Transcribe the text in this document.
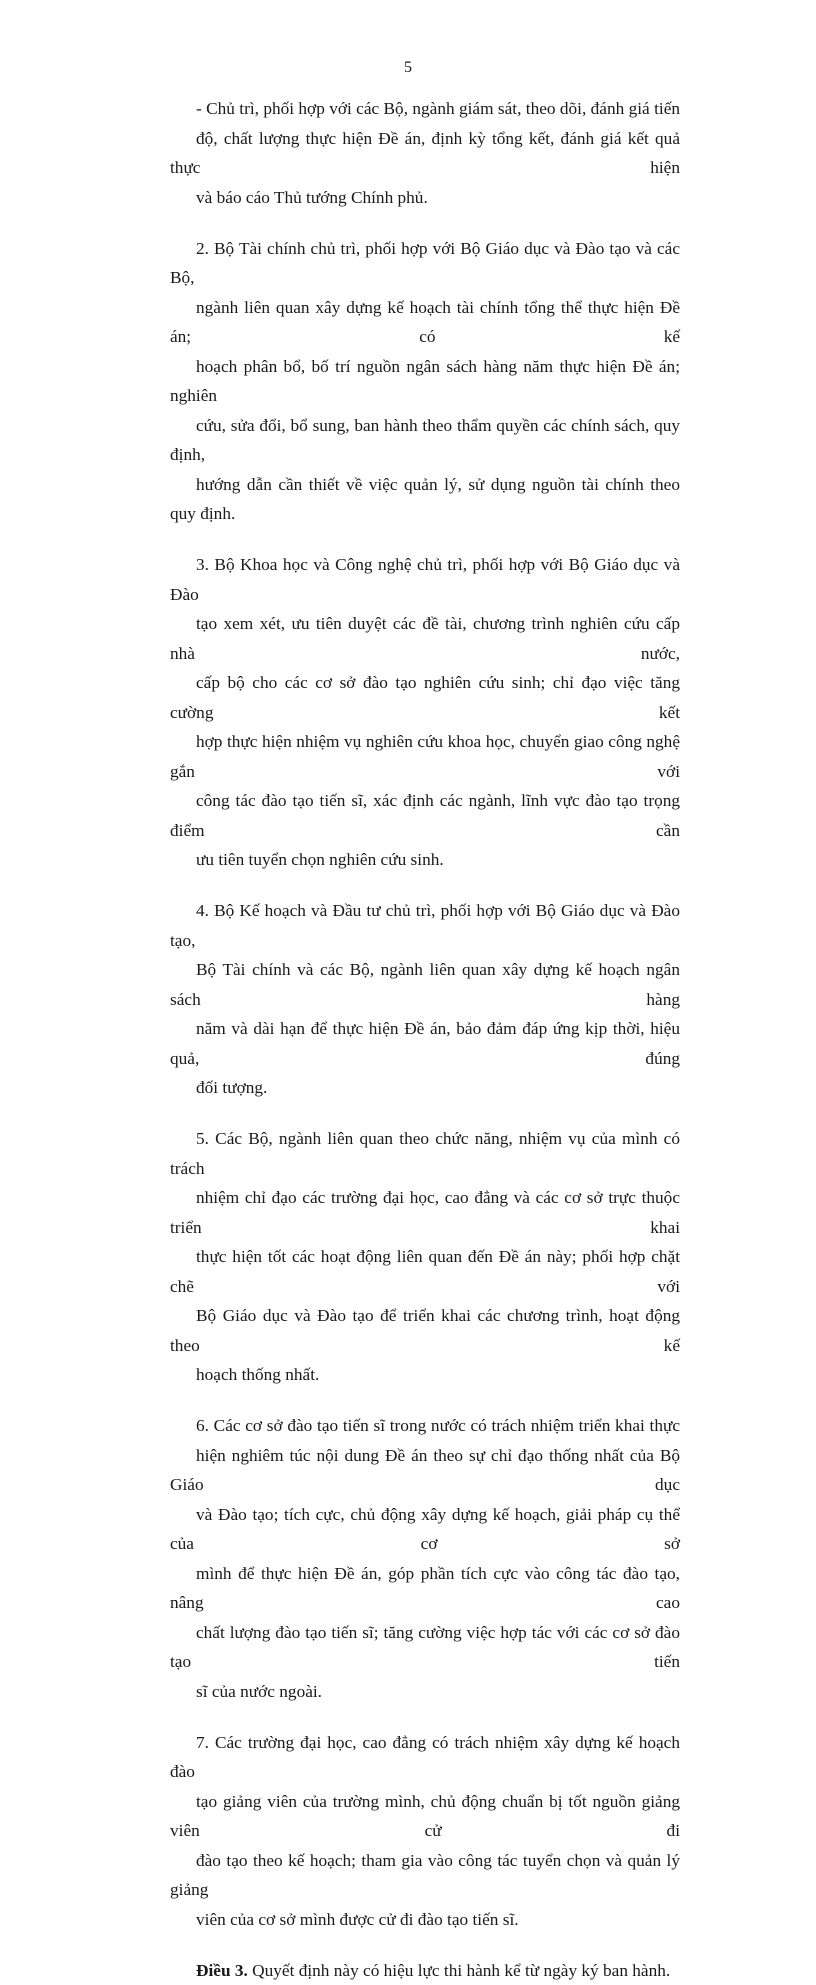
5
- Chủ trì, phối hợp với các Bộ, ngành giám sát, theo dõi, đánh giá tiến
độ, chất lượng thực hiện Đề án, định kỳ tổng kết, đánh giá kết quả thực hiện
và báo cáo Thủ tướng Chính phủ.
2. Bộ Tài chính chủ trì, phối hợp với Bộ Giáo dục và Đào tạo và các Bộ,
ngành liên quan xây dựng kế hoạch tài chính tổng thể thực hiện Đề án; có kế
hoạch phân bổ, bố trí nguồn ngân sách hàng năm thực hiện Đề án; nghiên
cứu, sửa đổi, bổ sung, ban hành theo thẩm quyền các chính sách, quy định,
hướng dẫn cần thiết về việc quản lý, sử dụng nguồn tài chính theo quy định.
3. Bộ Khoa học và Công nghệ chủ trì, phối hợp với Bộ Giáo dục và Đào
tạo xem xét, ưu tiên duyệt các đề tài, chương trình nghiên cứu cấp nhà nước,
cấp bộ cho các cơ sở đào tạo nghiên cứu sinh; chỉ đạo việc tăng cường kết
hợp thực hiện nhiệm vụ nghiên cứu khoa học, chuyển giao công nghệ gắn với
công tác đào tạo tiến sĩ, xác định các ngành, lĩnh vực đào tạo trọng điểm cần
ưu tiên tuyển chọn nghiên cứu sinh.
4. Bộ Kế hoạch và Đầu tư chủ trì, phối hợp với Bộ Giáo dục và Đào tạo,
Bộ Tài chính và các Bộ, ngành liên quan xây dựng kế hoạch ngân sách hàng
năm và dài hạn để thực hiện Đề án, bảo đảm đáp ứng kịp thời, hiệu quả, đúng
đối tượng.
5. Các Bộ, ngành liên quan theo chức năng, nhiệm vụ của mình có trách
nhiệm chỉ đạo các trường đại học, cao đẳng và các cơ sở trực thuộc triển khai
thực hiện tốt các hoạt động liên quan đến Đề án này; phối hợp chặt chẽ với
Bộ Giáo dục và Đào tạo để triển khai các chương trình, hoạt động theo kế
hoạch thống nhất.
6. Các cơ sở đào tạo tiến sĩ trong nước có trách nhiệm triển khai thực
hiện nghiêm túc nội dung Đề án theo sự chỉ đạo thống nhất của Bộ Giáo dục
và Đào tạo; tích cực, chủ động xây dựng kế hoạch, giải pháp cụ thể của cơ sở
mình để thực hiện Đề án, góp phần tích cực vào công tác đào tạo, nâng cao
chất lượng đào tạo tiến sĩ; tăng cường việc hợp tác với các cơ sở đào tạo tiến
sĩ của nước ngoài.
7. Các trường đại học, cao đẳng có trách nhiệm xây dựng kế hoạch đào
tạo giảng viên của trường mình, chủ động chuẩn bị tốt nguồn giảng viên cử đi
đào tạo theo kế hoạch; tham gia vào công tác tuyển chọn và quản lý giảng
viên của cơ sở mình được cử đi đào tạo tiến sĩ.

Điều 3. Quyết định này có hiệu lực thi hành kể từ ngày ký ban hành.
